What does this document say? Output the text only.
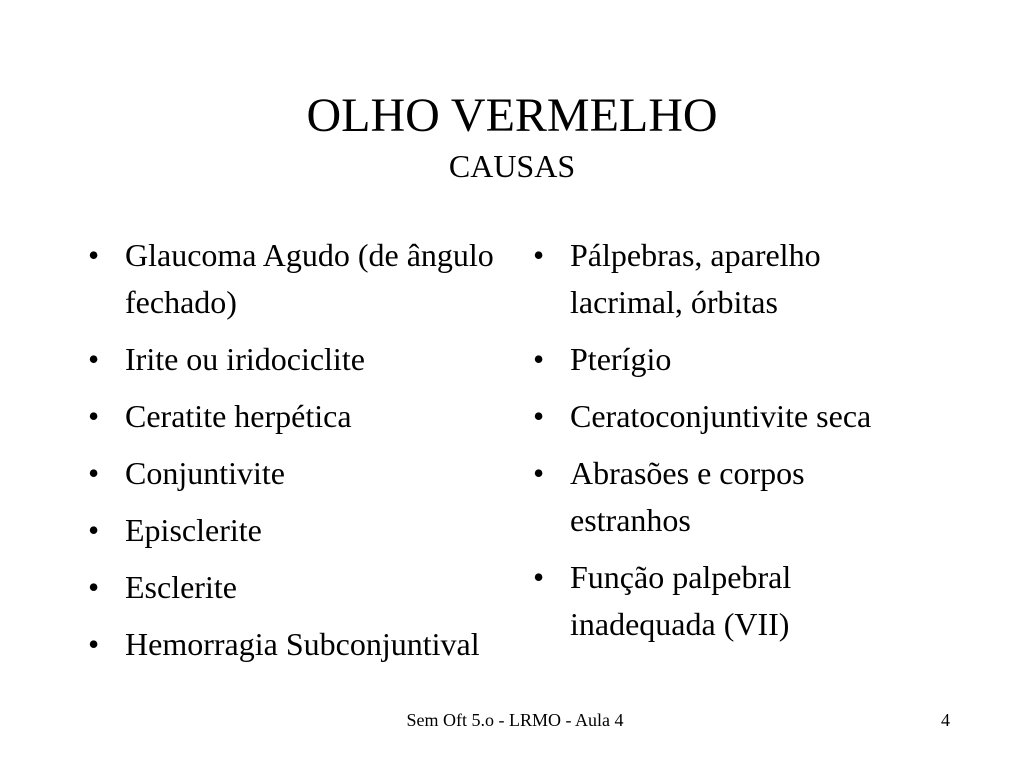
OLHO VERMELHO
CAUSAS
• Glaucoma Agudo (de ângulo fechado)
• Irite ou iridociclite
• Ceratite herpética
• Conjuntivite
• Episclerite
• Esclerite
• Hemorragia Subconjuntival
• Pálpebras, aparelho lacrimal, órbitas
• Pterígio
• Ceratoconjuntivite seca
• Abrasões e corpos estranhos
• Função palpebral inadequada (VII)
Sem Oft 5.o - LRMO - Aula 4	4
